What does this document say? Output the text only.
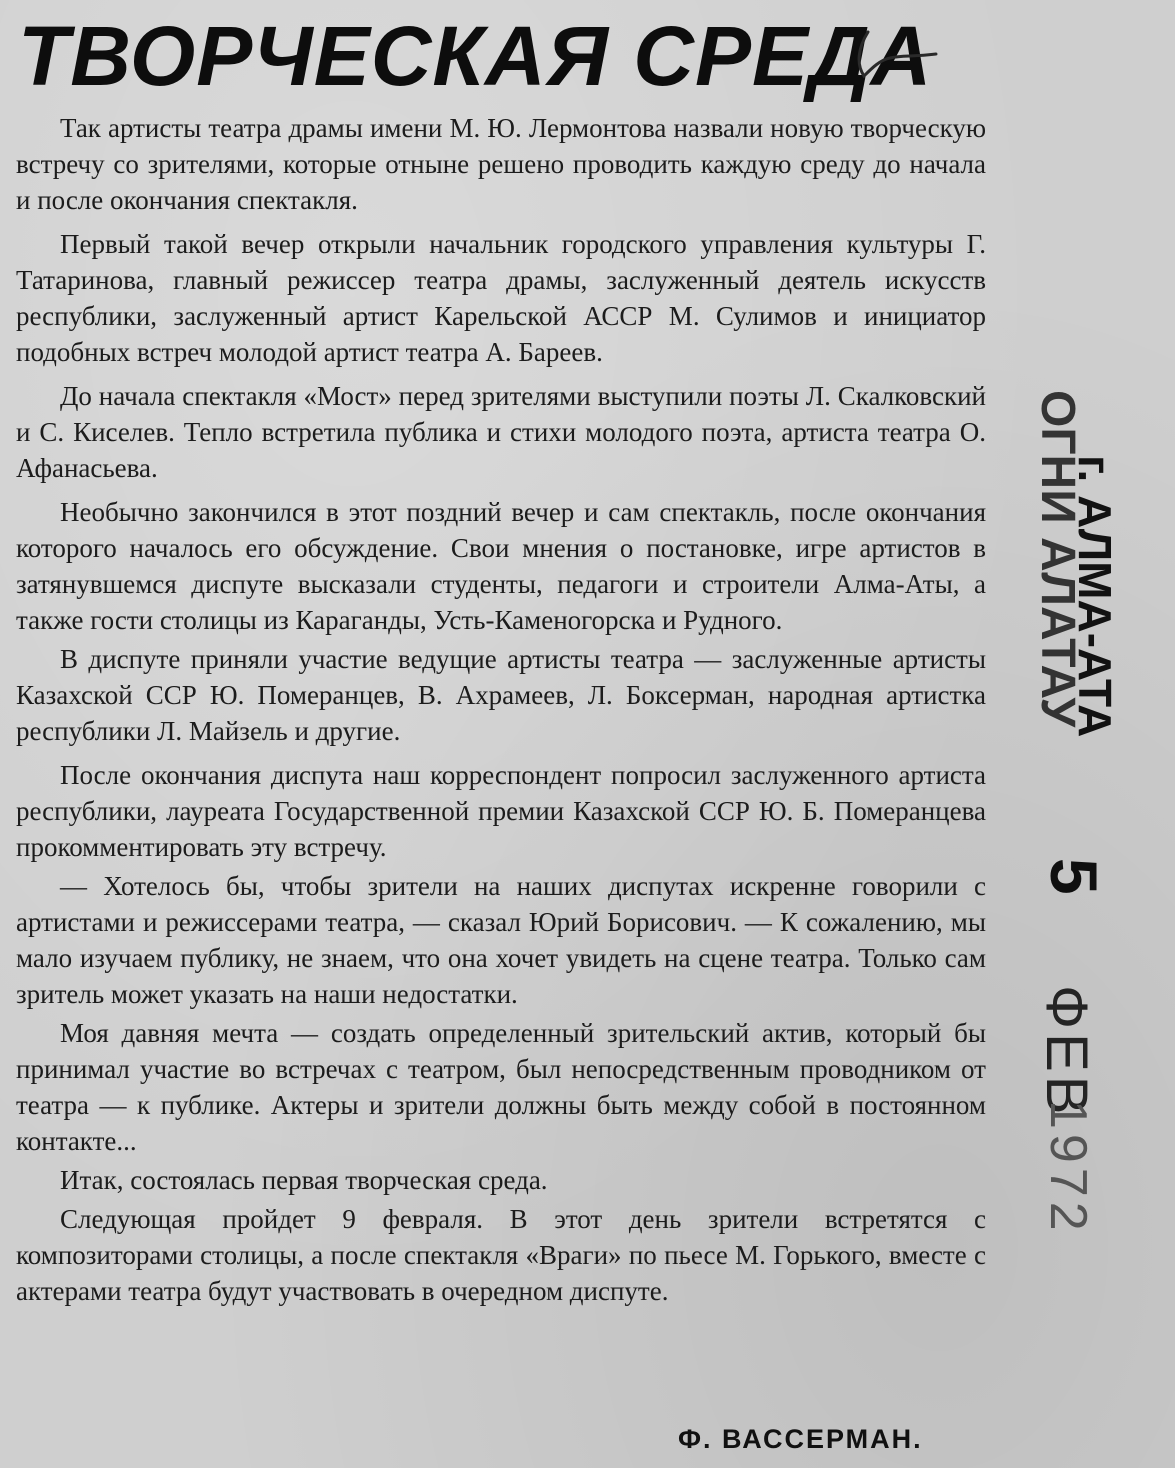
ТВОРЧЕСКАЯ СРЕДА

Так артисты театра драмы имени М. Ю. Лермонтова назвали новую творческую встречу со зрителями, которые отныне решено проводить каждую среду до начала и после окончания спектакля.

Первый такой вечер открыли начальник городского управления культуры Г. Татаринова, главный режиссер театра драмы, заслуженный деятель искусств республики, заслуженный артист Карельской АССР М. Сулимов и инициатор подобных встреч молодой артист театра А. Бареев.

До начала спектакля «Мост» перед зрителями выступили поэты Л. Скалковский и С. Киселев. Тепло встретила публика и стихи молодого поэта, артиста театра О. Афанасьева.

Необычно закончился в этот поздний вечер и сам спектакль, после окончания которого началось его обсуждение. Свои мнения о постановке, игре артистов в затянувшемся диспуте высказали студенты, педагоги и строители Алма-Аты, а также гости столицы из Караганды, Усть-Каменогорска и Рудного.

В диспуте приняли участие ведущие артисты театра — заслуженные артисты Казахской ССР Ю. Померанцев, В. Ахрамеев, Л. Боксерман, народная артистка республики Л. Майзель и другие.

После окончания диспута наш корреспондент попросил заслуженного артиста республики, лауреата Государственной премии Казахской ССР Ю. Б. Померанцева прокомментировать эту встречу.

— Хотелось бы, чтобы зрители на наших диспутах искренне говорили с артистами и режиссерами театра, — сказал Юрий Борисович. — К сожалению, мы мало изучаем публику, не знаем, что она хочет увидеть на сцене театра. Только сам зритель может указать на наши недостатки.

Моя давняя мечта — создать определенный зрительский актив, который бы принимал участие во встречах с театром, был непосредственным проводником от театра — к публике. Актеры и зрители должны быть между собой в постоянном контакте...

Итак, состоялась первая творческая среда.

Следующая пройдет 9 февраля. В этот день зрители встретятся с композиторами столицы, а после спектакля «Враги» по пьесе М. Горького, вместе с актерами театра будут участвовать в очередном диспуте.

Ф. ВАССЕРМАН.
ОГНИ АЛАТАУ
г. АЛМА-АТА
5
ФЕВ
1972
